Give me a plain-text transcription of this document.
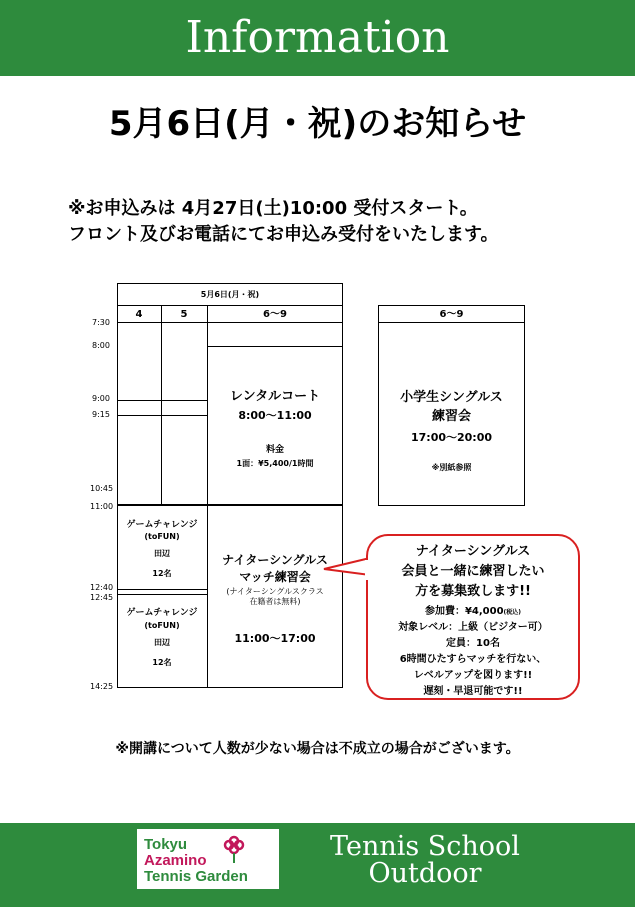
Information
5月6日(月・祝)のお知らせ
※お申込みは 4月27日(土)10:00 受付スタート。
フロント及びお電話にてお申込み受付をいたします。
5月6日(月・祝)
4	5	6〜9
7:30
8:00
9:00
9:15
10:45
11:00
12:40
12:45
14:25
レンタルコート
8:00〜11:00
料金
1面：¥5,400/1時間
ゲームチャレンジ
(toFUN)
田辺
12名
ゲームチャレンジ
(toFUN)
田辺
12名
ナイターシングルス
マッチ練習会
(ナイターシングルスクラス
在籍者は無料)
11:00〜17:00
6〜9
小学生シングルス
練習会
17:00〜20:00
※別紙参照
ナイターシングルス
会員と一緒に練習したい
方を募集致します!!
参加費：¥4,000(税込)
対象レベル：上級（ビジター可）
定員：10名
6時間ひたすらマッチを行ない、
レベルアップを図ります!!
遅刻・早退可能です!!
※開講について人数が少ない場合は不成立の場合がございます。
Tokyu
Azamino
Tennis Garden
Tennis School
Outdoor
